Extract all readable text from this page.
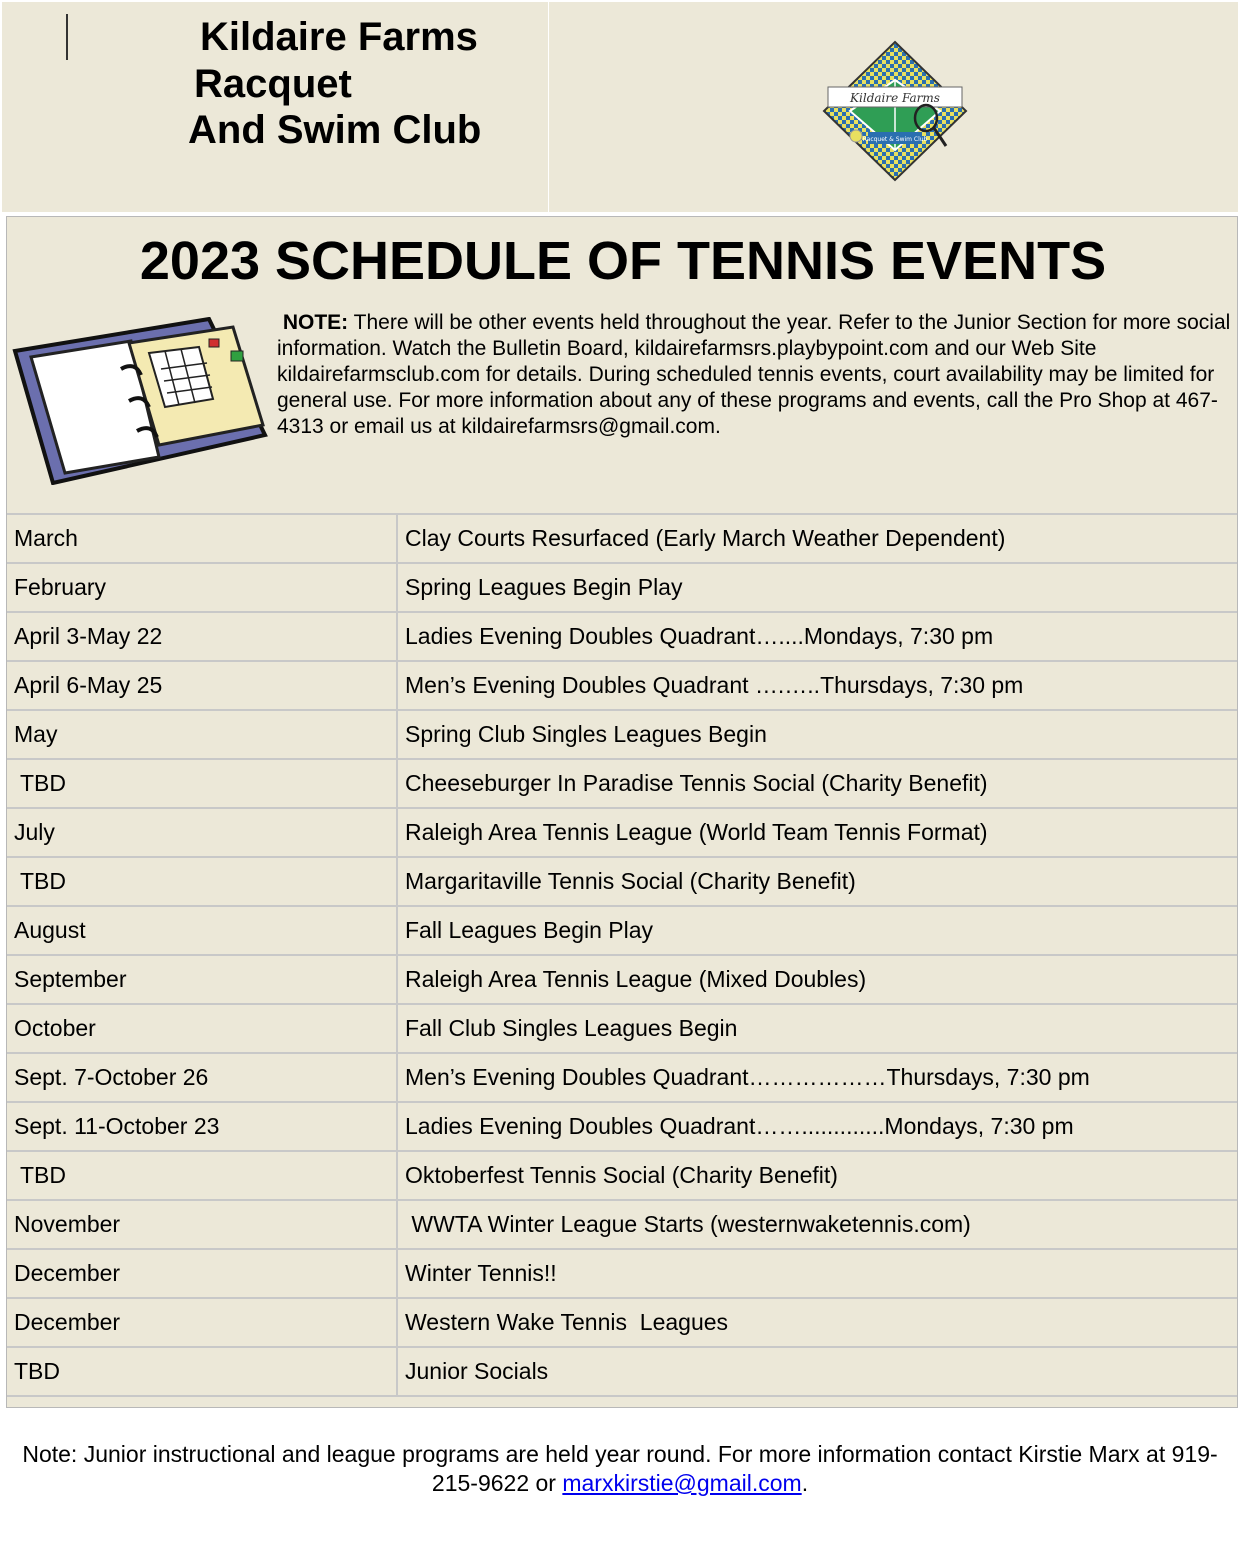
Kildaire Farms
Racquet
And Swim Club
Kildaire Farms
Racquet & Swim Club
2023 SCHEDULE OF TENNIS EVENTS
NOTE: There will be other events held throughout the year. Refer to the Junior Section for more social information. Watch the Bulletin Board, kildairefarmsrs.playbypoint.com and our Web Site kildairefarmsclub.com for details. During scheduled tennis events, court availability may be limited for general use. For more information about any of these programs and events, call the Pro Shop at 467-4313 or email us at kildairefarmsrs@gmail.com.
March	Clay Courts Resurfaced (Early March Weather Dependent)
February	Spring Leagues Begin Play
April 3-May 22	Ladies Evening Doubles Quadrant…....Mondays, 7:30 pm
April 6-May 25	Men’s Evening Doubles Quadrant ….…..Thursdays, 7:30 pm
May	Spring Club Singles Leagues Begin
TBD	Cheeseburger In Paradise Tennis Social (Charity Benefit)
July	Raleigh Area Tennis League (World Team Tennis Format)
TBD	Margaritaville Tennis Social (Charity Benefit)
August	Fall Leagues Begin Play
September	Raleigh Area Tennis League (Mixed Doubles)
October	Fall Club Singles Leagues Begin
Sept. 7-October 26	Men’s Evening Doubles Quadrant………………Thursdays, 7:30 pm
Sept. 11-October 23	Ladies Evening Doubles Quadrant…….............Mondays, 7:30 pm
TBD	Oktoberfest Tennis Social (Charity Benefit)
November	WWTA Winter League Starts (westernwaketennis.com)
December	Winter Tennis!!
December	Western Wake Tennis  Leagues
TBD	Junior Socials
Note: Junior instructional and league programs are held year round. For more information contact Kirstie Marx at 919-215-9622 or marxkirstie@gmail.com.
